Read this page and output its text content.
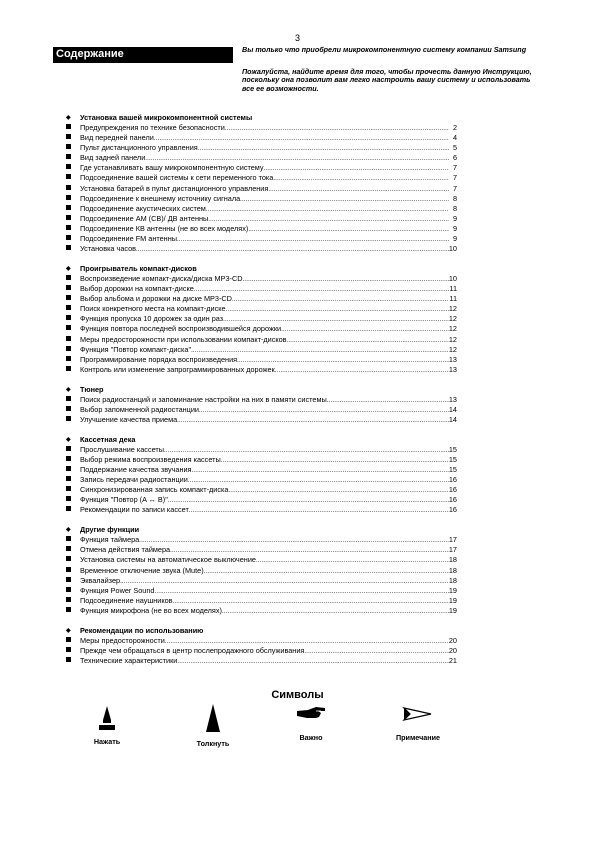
3
Содержание	Вы только что приобрели микрокомпонентную систему компании Samsung

Пожалуйста, найдите время для того, чтобы прочесть данную Инструкцию, поскольку она позволит вам легко настроить вашу систему и использовать все ее возможности.

◆ Установка вашей микрокомпонентной системы
Предупреждения по технике безопасности .....	2
Вид передней панели .....	4
Пульт дистанционного управления .....	5
Вид задней панели .....	6
Где устанавливать вашу микрокомпонентную систему .....	7
Подсоединение вашей системы к сети переменного тока .....	7
Установка батарей в пульт дистанционного управления .....	7
Подсоединение к внешнему источнику сигнала .....	8
Подсоединение акустических систем .....	8
Подсоединение АМ (СВ)/ ДВ антенны .....	9
Подсоединение КВ антенны (не во всех моделях) .....	9
Подсоединение FM антенны .....	9
Установка часов .....	10
◆ Проигрыватель компакт-дисков
Воспроизведение компакт-диска/диска MP3-CD .....	10
Выбор дорожки на компакт-диске .....	11
Выбор альбома и дорожки на диске MP3-CD .....	11
Поиск конкретного места на компакт-диске .....	12
Функция пропуска 10 дорожек за один раз .....	12
Функция повтора последней воспроизводившейся дорожки .....	12
Меры предосторожности при использовании компакт-дисков .....	12
Функция "Повтор компакт-диска" .....	12
Программирование порядка воспроизведения .....	13
Контроль или изменение запрограммированных дорожек .....	13
◆ Тюнер
Поиск радиостанций и запоминание настройки на них в памяти системы .....	13
Выбор запомненной радиостанции .....	14
Улучшение качества приема .....	14
◆ Кассетная дека
Прослушивание кассеты .....	15
Выбор режима воспроизведения кассеты .....	15
Поддержание качества звучания .....	15
Запись передачи радиостанции .....	16
Синхронизированная запись компакт-диска .....	16
Функция "Повтор (A ↔ B)" .....	16
Рекомендации по записи кассет .....	16
◆ Другие функции
Функция таймера .....	17
Отмена действия таймера .....	17
Установка системы на автоматическое выключение .....	18
Временное отключение звука (Mute) .....	18
Эквалайзер .....	18
Функция Power Sound .....	19
Подсоединение наушников .....	19
Функция микрофона (не во всех моделях) .....	19
◆ Рекомендации по использованию
Меры предосторожности .....	20
Прежде чем обращаться в центр послепродажного обслуживания .....	20
Технические характеристики .....	21
Символы
Нажать	Толкнуть
Важно	Примечание
